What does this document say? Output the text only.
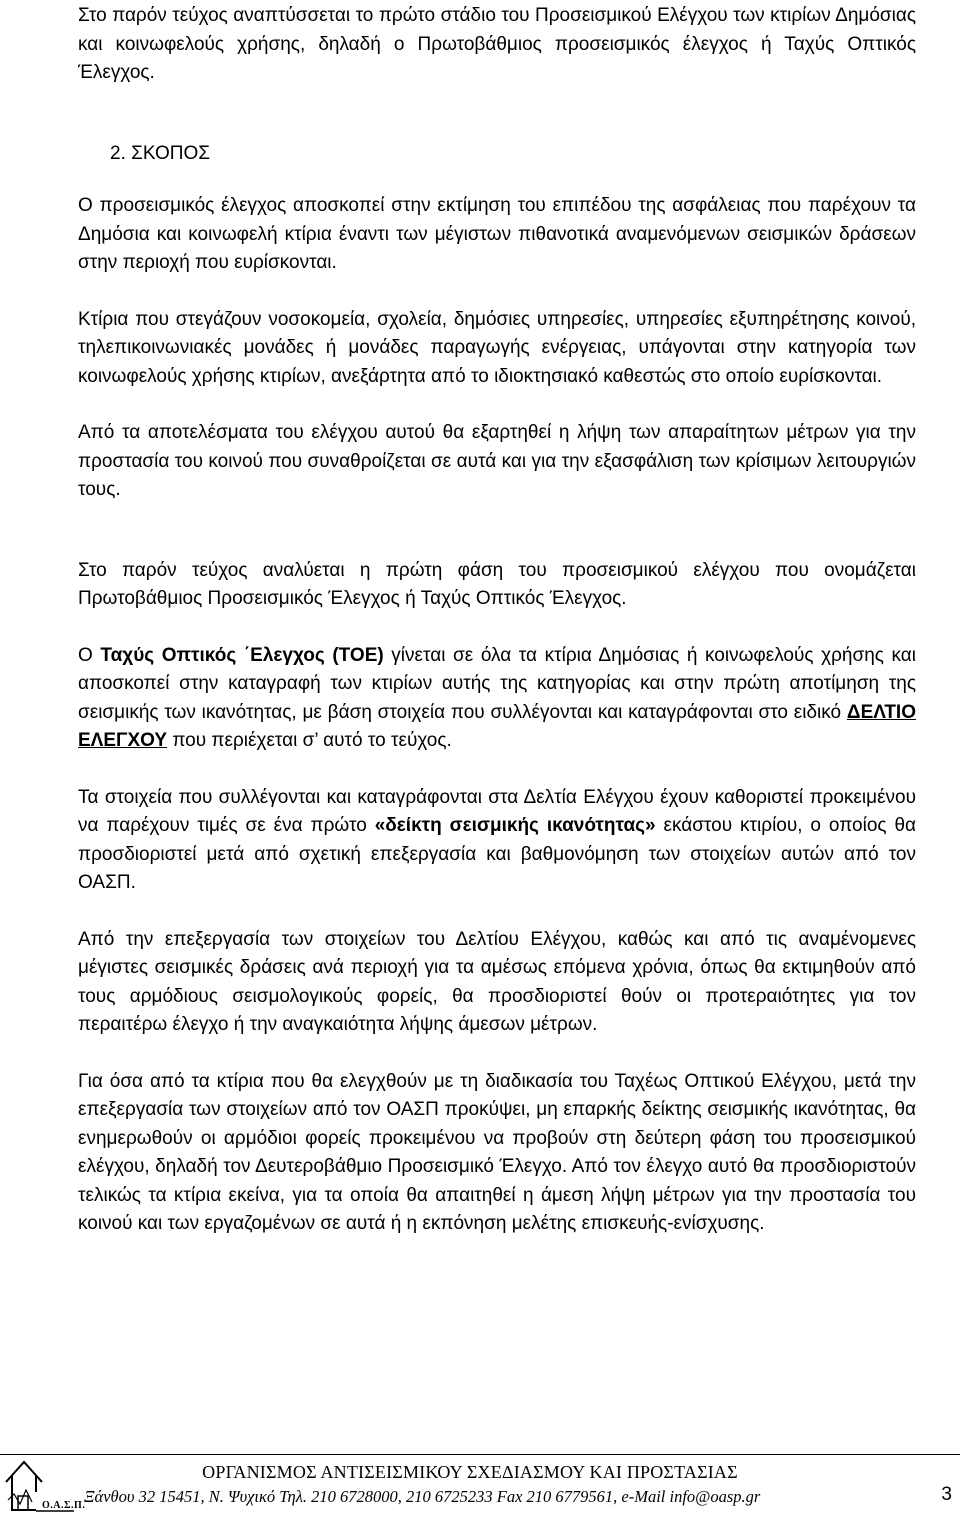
Στο παρόν τεύχος αναπτύσσεται το πρώτο στάδιο του Προσεισμικού Ελέγχου των κτιρίων Δημόσιας και κοινωφελούς χρήσης, δηλαδή ο Πρωτοβάθμιος προσεισμικός έλεγχος ή Ταχύς Οπτικός Έλεγχος.

2. ΣΚΟΠΟΣ

Ο προσεισμικός έλεγχος αποσκοπεί στην εκτίμηση του επιπέδου της ασφάλειας που παρέχουν τα Δημόσια και κοινωφελή κτίρια έναντι των μέγιστων πιθανοτικά αναμενόμενων σεισμικών δράσεων στην περιοχή που ευρίσκονται.

Κτίρια που στεγάζουν νοσοκομεία, σχολεία, δημόσιες υπηρεσίες, υπηρεσίες εξυπηρέτησης κοινού, τηλεπικοινωνιακές μονάδες ή μονάδες παραγωγής ενέργειας, υπάγονται στην κατηγορία των κοινωφελούς χρήσης κτιρίων, ανεξάρτητα από το ιδιοκτησιακό καθεστώς στο οποίο ευρίσκονται.

Από τα αποτελέσματα του ελέγχου αυτού θα εξαρτηθεί η λήψη των απαραίτητων μέτρων για την προστασία του κοινού που συναθροίζεται σε αυτά και για την εξασφάλιση των κρίσιμων λειτουργιών τους.

Στο παρόν τεύχος αναλύεται η πρώτη φάση του προσεισμικού ελέγχου που ονομάζεται Πρωτοβάθμιος Προσεισμικός Έλεγχος ή Ταχύς Οπτικός Έλεγχος.

Ο Ταχύς Οπτικός ΄Ελεγχος (ΤΟΕ) γίνεται σε όλα τα κτίρια Δημόσιας ή κοινωφελούς χρήσης και αποσκοπεί στην καταγραφή των κτιρίων αυτής της κατηγορίας και στην πρώτη αποτίμηση της σεισμικής των ικανότητας, με βάση στοιχεία που συλλέγονται και καταγράφονται στο ειδικό ΔΕΛΤΙΟ ΕΛΕΓΧΟΥ που περιέχεται σ’ αυτό το τεύχος.

Τα στοιχεία που συλλέγονται και καταγράφονται στα Δελτία Ελέγχου έχουν καθοριστεί προκειμένου να παρέχουν τιμές σε ένα πρώτο «δείκτη σεισμικής ικανότητας» εκάστου κτιρίου, ο οποίος θα προσδιοριστεί μετά από σχετική επεξεργασία και βαθμονόμηση των στοιχείων αυτών από τον ΟΑΣΠ.

Από την επεξεργασία των στοιχείων του Δελτίου Ελέγχου, καθώς και από τις αναμένομενες μέγιστες σεισμικές δράσεις ανά περιοχή για τα αμέσως επόμενα χρόνια, όπως θα εκτιμηθούν από τους αρμόδιους σεισμολογικούς φορείς, θα προσδιοριστεί θούν οι προτεραιότητες για τον περαιτέρω έλεγχο ή την αναγκαιότητα λήψης άμεσων μέτρων.

Για όσα από τα κτίρια που θα ελεγχθούν με τη διαδικασία του Ταχέως Οπτικού Ελέγχου, μετά την επεξεργασία των στοιχείων από τον ΟΑΣΠ προκύψει, μη επαρκής δείκτης σεισμικής ικανότητας, θα ενημερωθούν οι αρμόδιοι φορείς προκειμένου να προβούν στη δεύτερη φάση του προσεισμικού ελέγχου, δηλαδή τον Δευτεροβάθμιο Προσεισμικό Έλεγχο. Από τον έλεγχο αυτό θα προσδιοριστούν τελικώς τα κτίρια εκείνα, για τα οποία θα απαιτηθεί η άμεση λήψη μέτρων για την προστασία του κοινού και των εργαζομένων σε αυτά ή η εκπόνηση μελέτης επισκευής-ενίσχυσης.

Ο.Α.Σ.Π.
ΟΡΓΑΝΙΣΜΟΣ ΑΝΤΙΣΕΙΣΜΙΚΟΥ ΣΧΕΔΙΑΣΜΟΥ ΚΑΙ ΠΡΟΣΤΑΣΙΑΣ
Ξάνθου 32 15451, Ν. Ψυχικό Τηλ. 210 6728000, 210 6725233 Fax 210 6779561, e-Mail info@oasp.gr	3
